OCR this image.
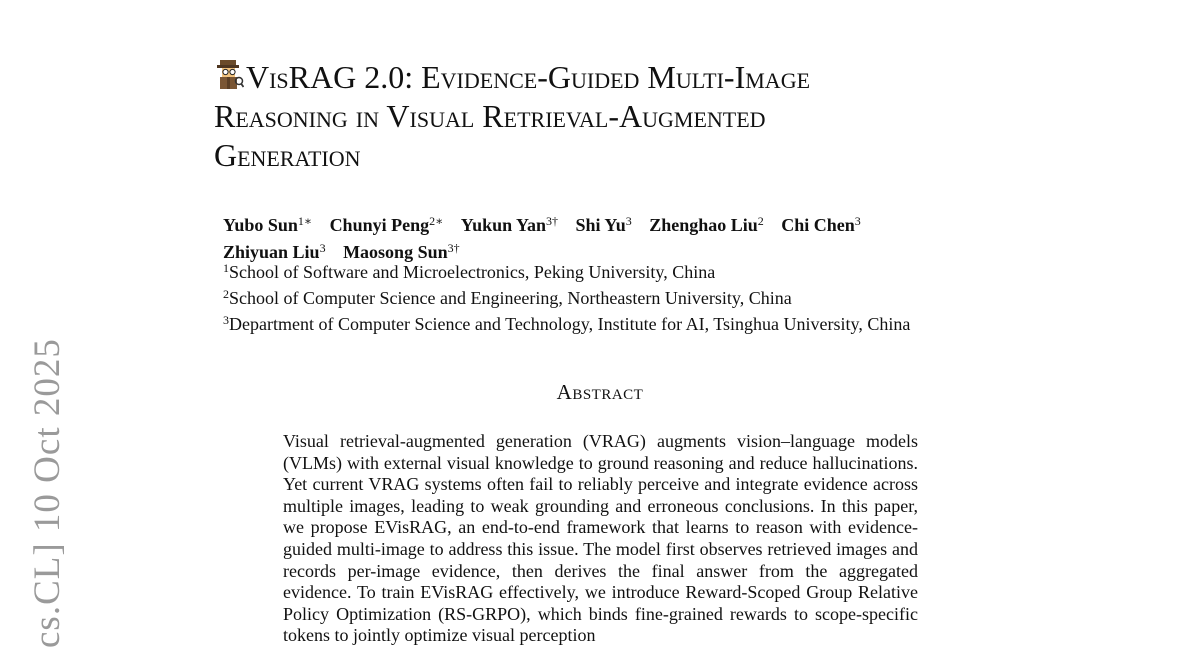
cs.CL] 10 Oct 2025
VisRAG 2.0: Evidence-Guided Multi-Image
Reasoning in Visual Retrieval-Augmented
Generation
Yubo Sun$^{1∗}$ Chunyi Peng$^{2∗}$ Yukun Yan$^{3\dagger}$ Shi Yu$^3$ Zhenghao Liu$^2$ Chi Chen$^3$
Zhiyuan Liu$^3$ Maosong Sun$^{3\dagger}$
$^1$School of Software and Microelectronics, Peking University, China
$^2$School of Computer Science and Engineering, Northeastern University, China
$^3$Department of Computer Science and Technology, Institute for AI, Tsinghua University, China
Abstract

Visual retrieval-augmented generation (VRAG) augments vision–language models (VLMs) with external visual knowledge to ground reasoning and reduce hallucinations. Yet current VRAG systems often fail to reliably perceive and integrate evidence across multiple images, leading to weak grounding and erroneous conclusions. In this paper, we propose EVisRAG, an end-to-end framework that learns to reason with evidence-guided multi-image to address this issue. The model first observes retrieved images and records per-image evidence, then derives the final answer from the aggregated evidence. To train EVisRAG effectively, we introduce Reward-Scoped Group Relative Policy Optimization (RS-GRPO), which binds fine-grained rewards to scope-specific tokens to jointly optimize visual perception
